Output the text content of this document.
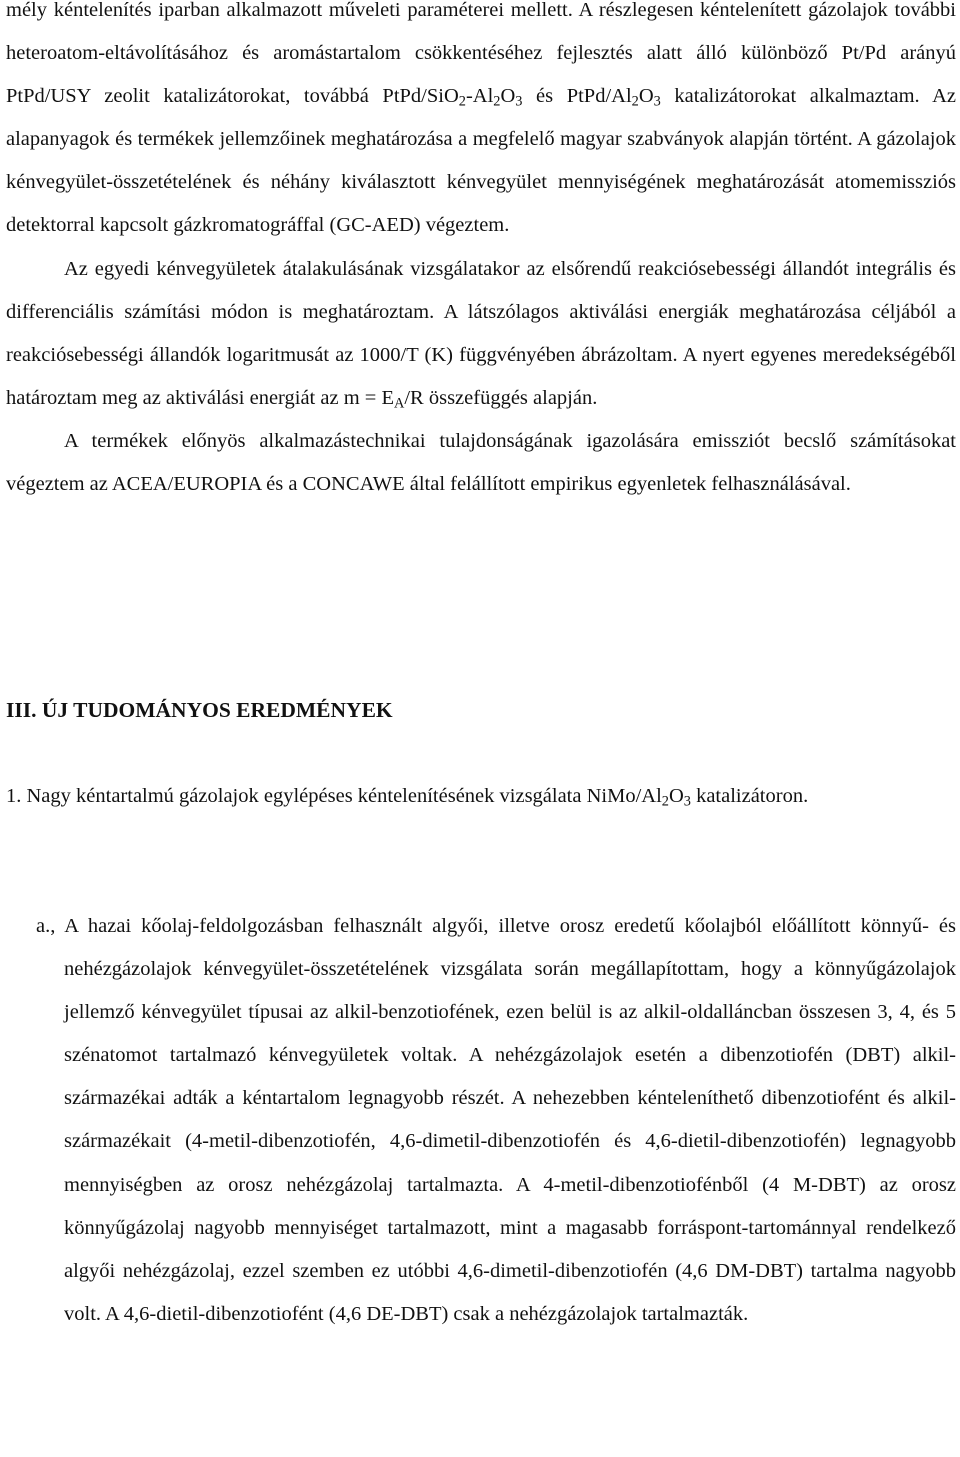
mély kéntelenítés iparban alkalmazott műveleti paraméterei mellett. A részlegesen kéntelenített gázolajok további heteroatom-eltávolításához és aromástartalom csökkentéséhez fejlesztés alatt álló különböző Pt/Pd arányú PtPd/USY zeolit katalizátorokat, továbbá PtPd/$SiO_2-Al_2O_3$ és PtPd/$Al_2O_3$ katalizátorokat alkalmaztam. Az alapanyagok és termékek jellemzőinek meghatározása a megfelelő magyar szabványok alapján történt. A gázolajok kénvegyület-összetételének és néhány kiválasztott kénvegyület mennyiségének meghatározását atomemissziós detektorral kapcsolt gázkromatográffal (GC-AED) végeztem.

Az egyedi kénvegyületek átalakulásának vizsgálatakor az elsőrendű reakciósebességi állandót integrális és differenciális számítási módon is meghatároztam. A látszólagos aktiválási energiák meghatározása céljából a reakciósebességi állandók logaritmusát az 1000/T (K) függvényében ábrázoltam. A nyert egyenes meredekségéből határoztam meg az aktiválási energiát az $m = E_A/R$ összefüggés alapján.

A termékek előnyös alkalmazástechnikai tulajdonságának igazolására emissziót becslő számításokat végeztem az ACEA/EUROPIA és a CONCAWE által felállított empirikus egyenletek felhasználásával.

III. ÚJ TUDOMÁNYOS EREDMÉNYEK

1. Nagy kéntartalmú gázolajok egylépéses kéntelenítésének vizsgálata NiMo/$Al_2O_3$ katalizátoron.

a., A hazai kőolaj-feldolgozásban felhasznált algyői, illetve orosz eredetű kőolajból előállított könnyű- és nehézgázolajok kénvegyület-összetételének vizsgálata során megállapítottam, hogy a könnyűgázolajok jellemző kénvegyület típusai az alkil-benzotiofének, ezen belül is az alkil-oldalláncban összesen 3, 4, és 5 szénatomot tartalmazó kénvegyületek voltak. A nehézgázolajok esetén a dibenzotiofén (DBT) alkil-származékai adták a kéntartalom legnagyobb részét. A nehezebben kénteleníthető dibenzotiofént és alkil-származékait (4-metil-dibenzotiofén, 4,6-dimetil-dibenzotiofén és 4,6-dietil-dibenzotiofén) legnagyobb mennyiségben az orosz nehézgázolaj tartalmazta. A 4-metil-dibenzotiofénből (4 M-DBT) az orosz könnyűgázolaj nagyobb mennyiséget tartalmazott, mint a magasabb forráspont-tartománnyal rendelkező algyői nehézgázolaj, ezzel szemben ez utóbbi 4,6-dimetil-dibenzotiofén (4,6 DM-DBT) tartalma nagyobb volt. A 4,6-dietil-dibenzotiofént (4,6 DE-DBT) csak a nehézgázolajok tartalmazták.
